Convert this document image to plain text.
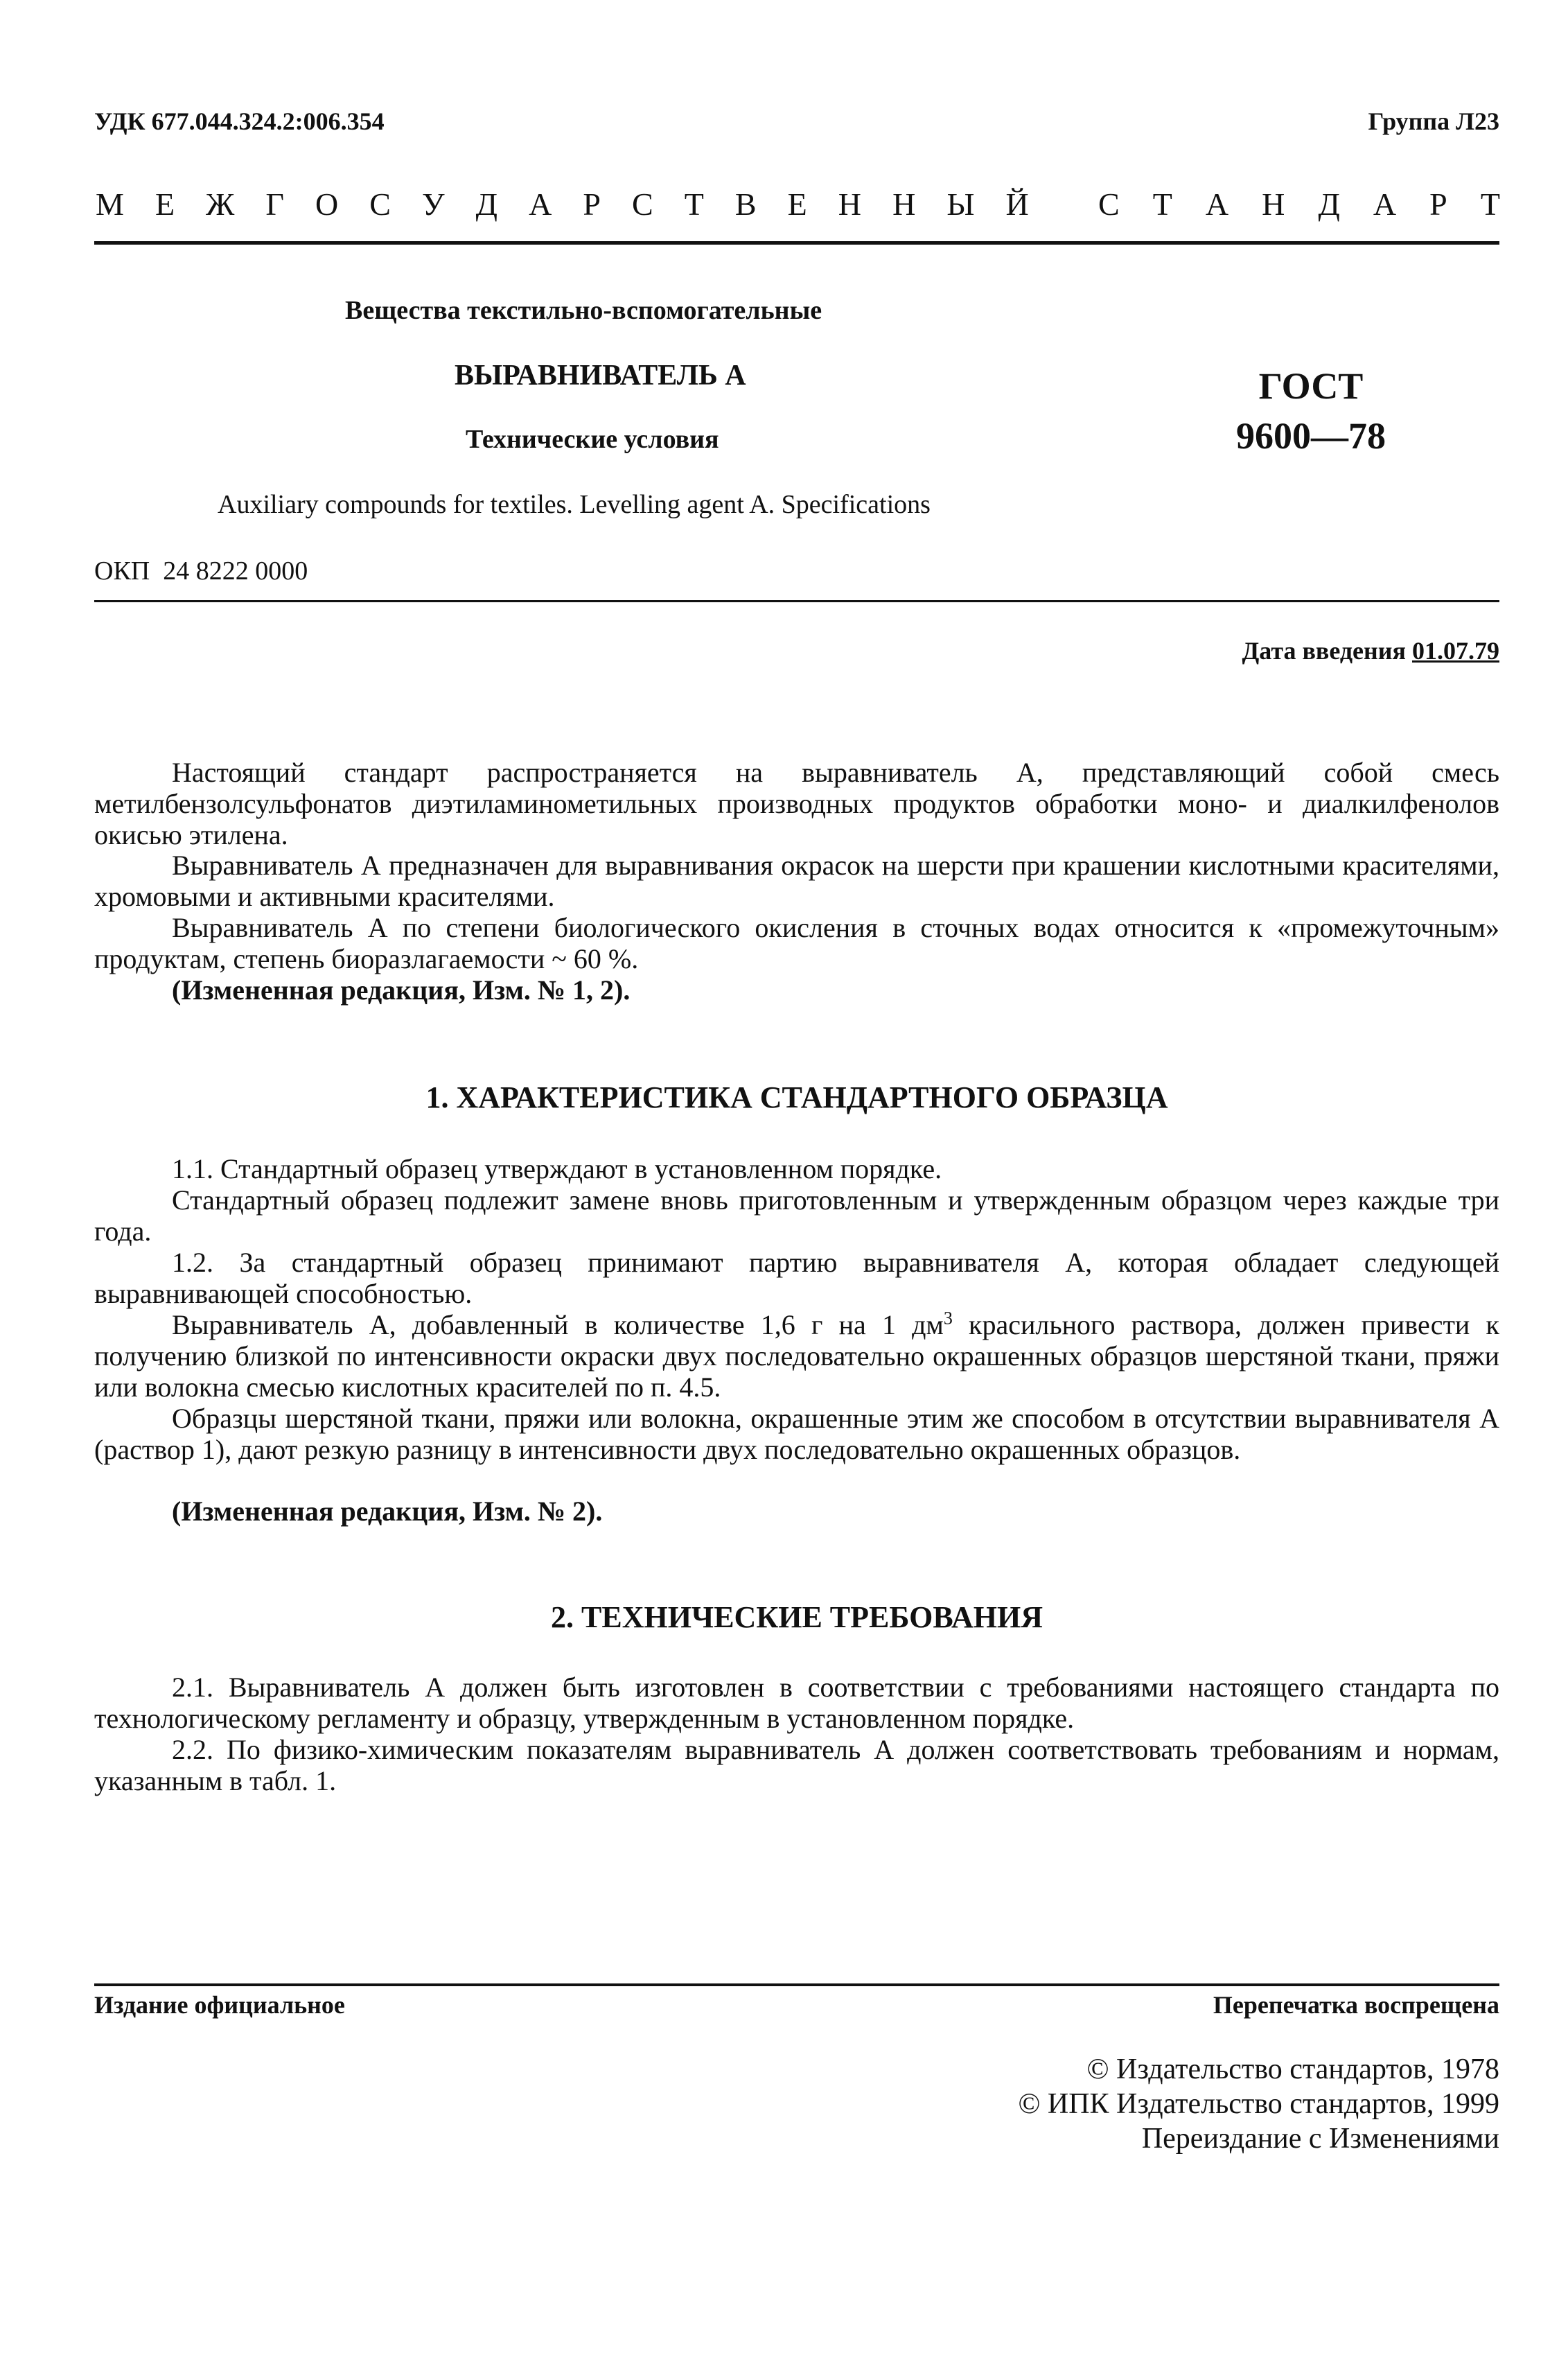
УДК 677.044.324.2:006.354	Группа Л23
М Е Ж Г О С У Д А Р С Т В Е Н Н Ы Й С Т А Н Д А Р Т
Вещества текстильно-вспомогательные
ВЫРАВНИВАТЕЛЬ А
Технические условия
ГОСТ
9600—78
Auxiliary compounds for textiles. Levelling agent A. Specifications
ОКП  24 8222 0000
Дата введения 01.07.79
Настоящий стандарт распространяется на выравниватель А, представляющий собой смесь метилбензолсульфонатов диэтиламинометильных производных продуктов обработки моно- и диалкилфенолов окисью этилена.
Выравниватель А предназначен для выравнивания окрасок на шерсти при крашении кислотными красителями, хромовыми и активными красителями.
Выравниватель А по степени биологического окисления в сточных водах относится к «промежуточным» продуктам, степень биоразлагаемости ~ 60 %.
(Измененная редакция, Изм. № 1, 2).
1. ХАРАКТЕРИСТИКА СТАНДАРТНОГО ОБРАЗЦА
1.1. Стандартный образец утверждают в установленном порядке.
Стандартный образец подлежит замене вновь приготовленным и утвержденным образцом через каждые три года.
1.2. За стандартный образец принимают партию выравнивателя А, которая обладает следующей выравнивающей способностью.
Выравниватель А, добавленный в количестве 1,6 г на 1 $дм^3$ красильного раствора, должен привести к получению близкой по интенсивности окраски двух последовательно окрашенных образцов шерстяной ткани, пряжи или волокна смесью кислотных красителей по п. 4.5.
Образцы шерстяной ткани, пряжи или волокна, окрашенные этим же способом в отсутствии выравнивателя А (раствор 1), дают резкую разницу в интенсивности двух последовательно окрашенных образцов.
(Измененная редакция, Изм. № 2).
2. ТЕХНИЧЕСКИЕ ТРЕБОВАНИЯ
2.1. Выравниватель А должен быть изготовлен в соответствии с требованиями настоящего стандарта по технологическому регламенту и образцу, утвержденным в установленном порядке.
2.2. По физико-химическим показателям выравниватель А должен соответствовать требованиям и нормам, указанным в табл. 1.
Издание официальное	Перепечатка воспрещена
© Издательство стандартов, 1978
© ИПК Издательство стандартов, 1999
Переиздание с Изменениями
